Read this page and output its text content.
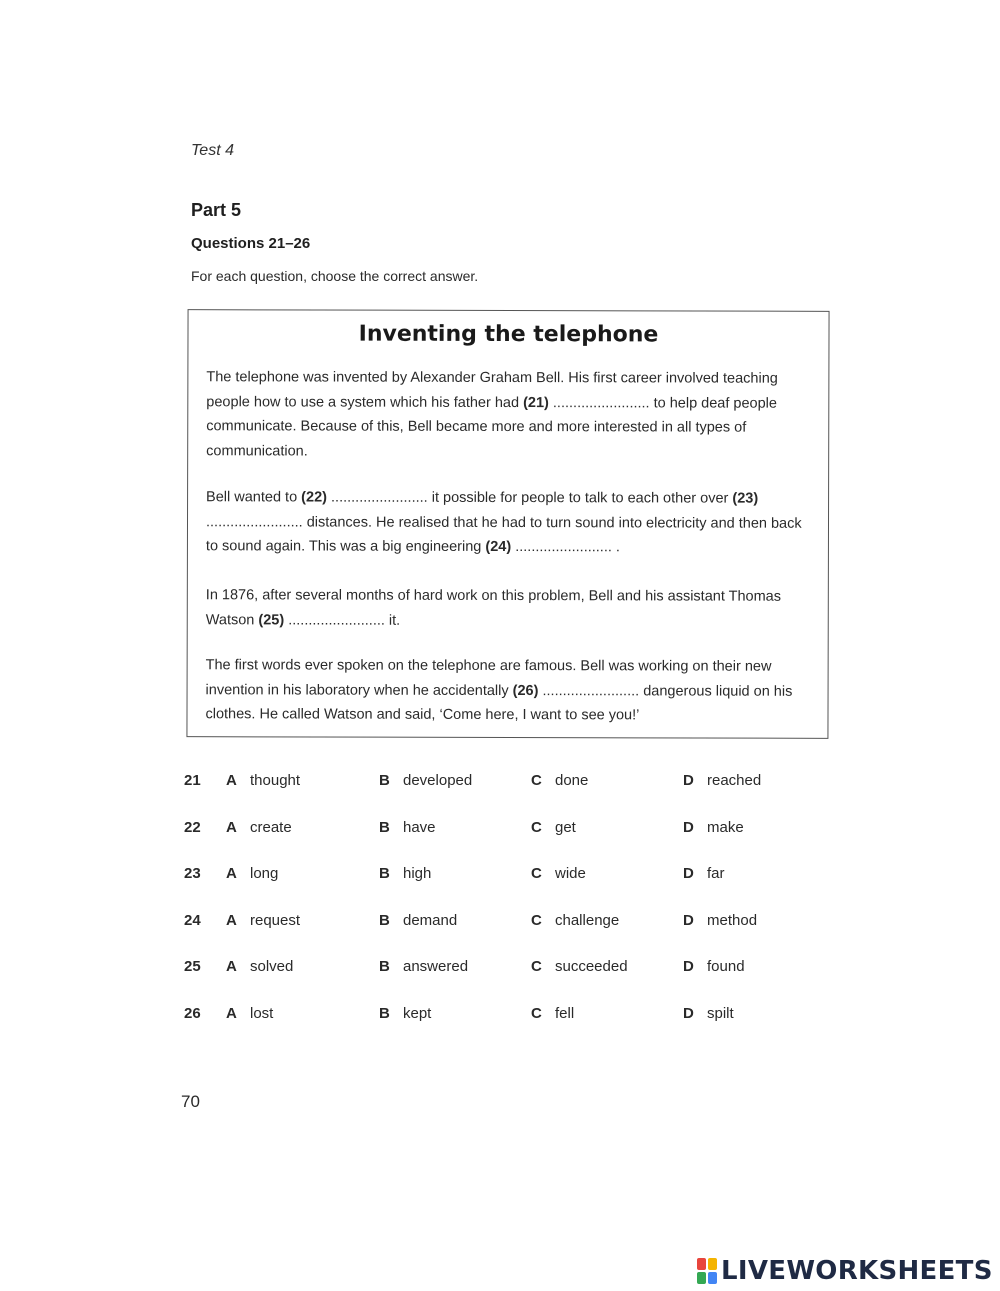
Test 4
Part 5
Questions 21–26
For each question, choose the correct answer.
Inventing the telephone
The telephone was invented by Alexander Graham Bell. His first career involved teaching people how to use a system which his father had (21) ........................ to help deaf people communicate. Because of this, Bell became more and more interested in all types of communication.
Bell wanted to (22) ........................ it possible for people to talk to each other over (23) ........................ distances. He realised that he had to turn sound into electricity and then back to sound again. This was a big engineering (24) ........................ .
In 1876, after several months of hard work on this problem, Bell and his assistant Thomas Watson (25) ........................ it.
The first words ever spoken on the telephone are famous. Bell was working on their new invention in his laboratory when he accidentally (26) ........................ dangerous liquid on his clothes. He called Watson and said, ‘Come here, I want to see you!’
21 A thought	B developed	C done	D reached
22 A create	B have	C get	D make
23 A long	B high	C wide	D far
24 A request	B demand	C challenge	D method
25 A solved	B answered	C succeeded	D found
26 A lost	B kept	C fell	D spilt
70
LIVEWORKSHEETS
